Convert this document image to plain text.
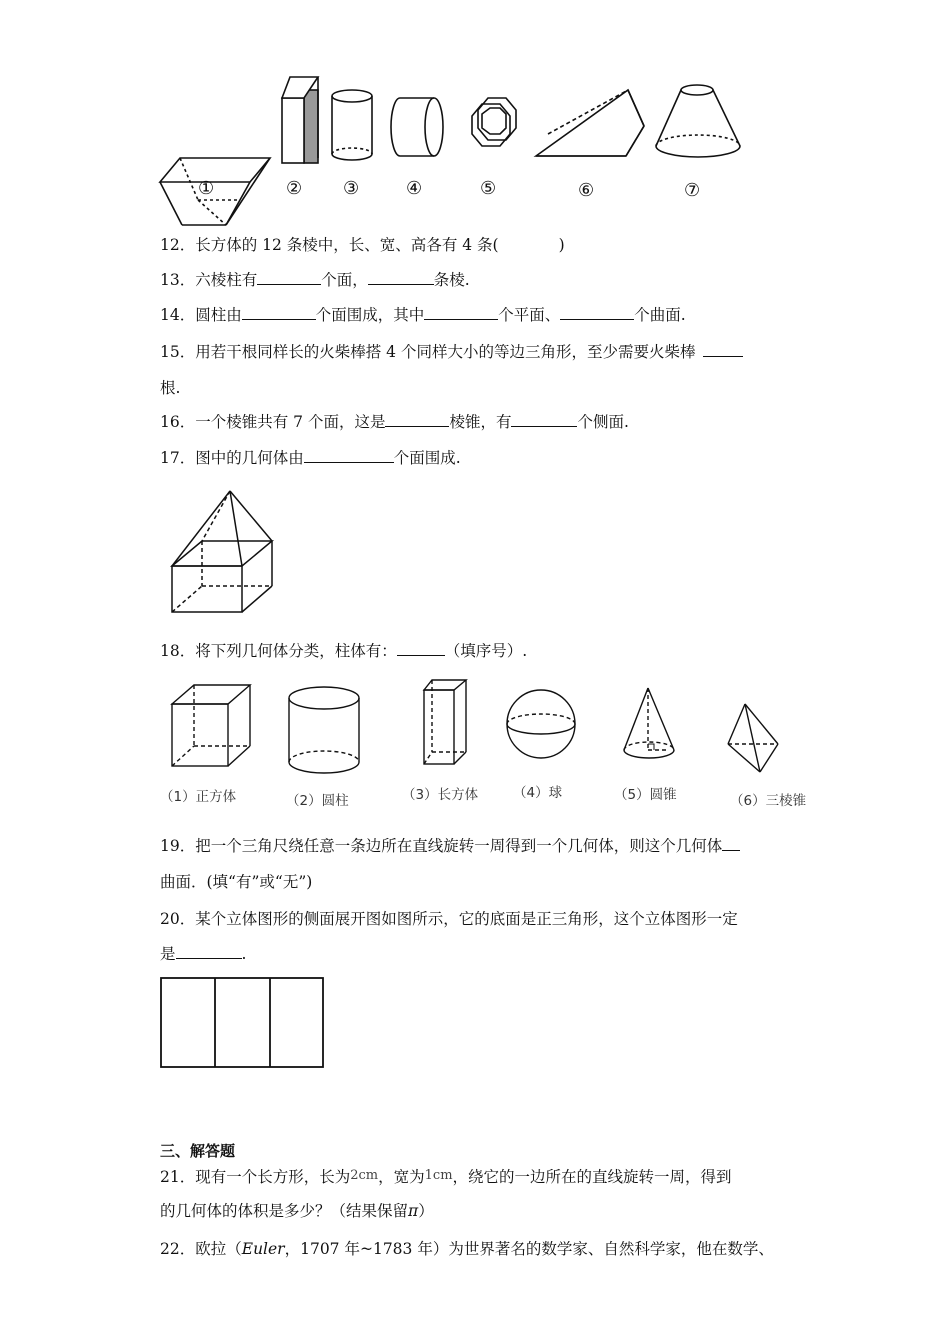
①	② ③	④	⑤	⑥	⑦
12．长方体的 12 条棱中，长、宽、高各有 4 条(	)
13．六棱柱有	个面，	条棱.
14．圆柱由	个面围成，其中	个平面、	个曲面.
15．用若干根同样长的火柴棒搭 4 个同样大小的等边三角形，至少需要火柴棒
根.
16．一个棱锥共有 7 个面，这是	棱锥，有	个侧面.
17．图中的几何体由	个面围成.
18．将下列几何体分类，柱体有：	（填序号）.
（1）正方体	（2）圆柱	（3）长方体	（4）球	（5）圆锥	（6）三棱锥
19．把一个三角尺绕任意一条边所在直线旋转一周得到一个几何体，则这个几何体
曲面．(填“有”或“无”)
20．某个立体图形的侧面展开图如图所示，它的底面是正三角形，这个立体图形一定
是	.
三、解答题
21．现有一个长方形，长为2cm，宽为1cm，绕它的一边所在的直线旋转一周，得到
的几何体的体积是多少？（结果保留π）
22．欧拉（Euler，1707 年~1783 年）为世界著名的数学家、自然科学家，他在数学、
